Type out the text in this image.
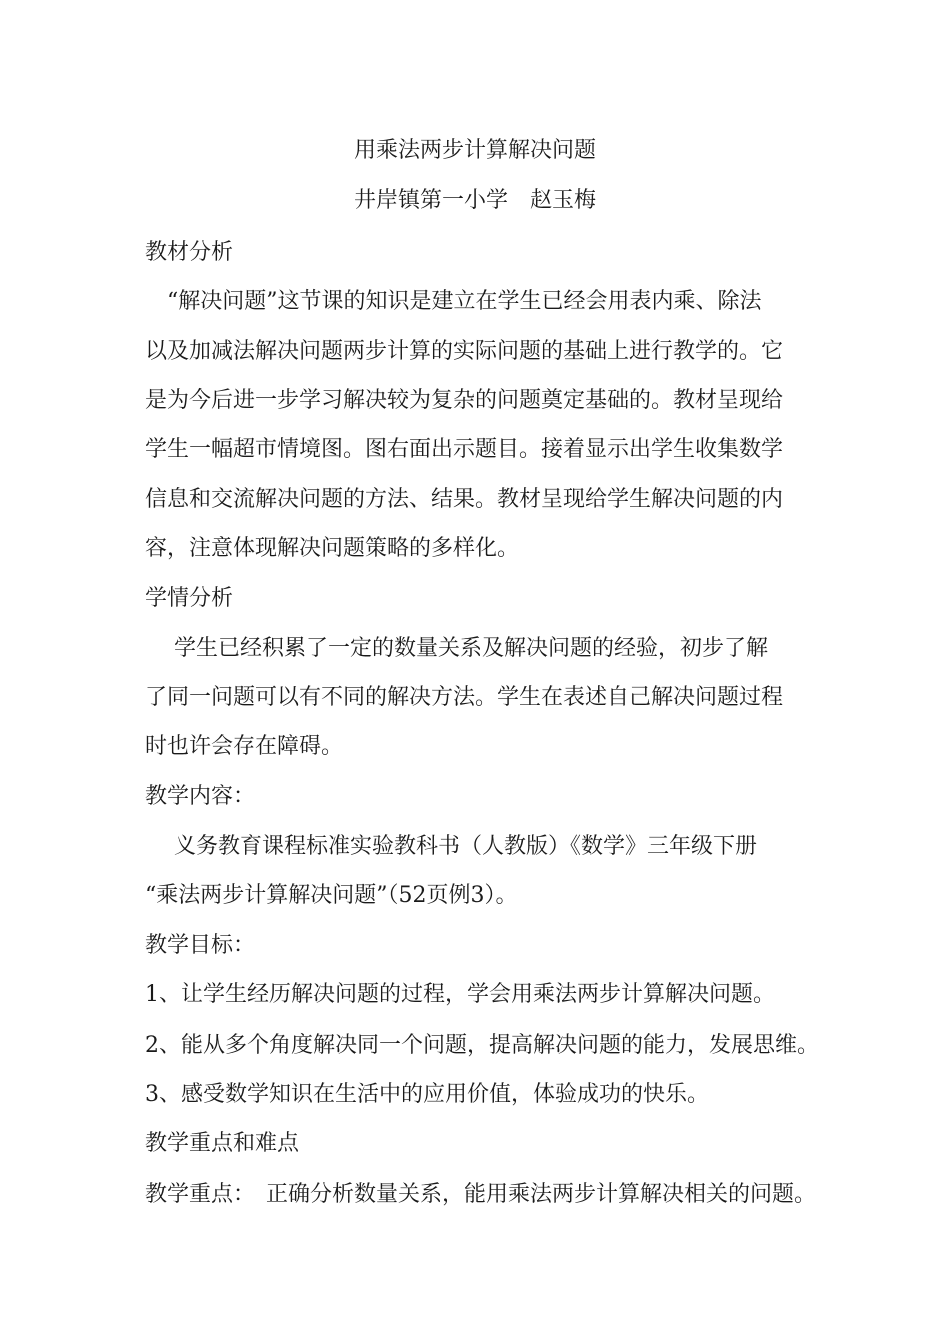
用乘法两步计算解决问题
井岸镇第一小学　赵玉梅
教材分析
　“解决问题”这节课的知识是建立在学生已经会用表内乘、除法
以及加减法解决问题两步计算的实际问题的基础上进行教学的。它
是为今后进一步学习解决较为复杂的问题奠定基础的。教材呈现给
学生一幅超市情境图。图右面出示题目。接着显示出学生收集数学
信息和交流解决问题的方法、结果。教材呈现给学生解决问题的内
容，注意体现解决问题策略的多样化。
学情分析
　 学生已经积累了一定的数量关系及解决问题的经验，初步了解
了同一问题可以有不同的解决方法。学生在表述自己解决问题过程
时也许会存在障碍。
教学内容：
　 义务教育课程标准实验教科书（人教版）《数学》三年级下册
“乘法两步计算解决问题”（52页例3）。
教学目标：
1、让学生经历解决问题的过程，学会用乘法两步计算解决问题。
2、能从多个角度解决同一个问题，提高解决问题的能力，发展思维。
3、感受数学知识在生活中的应用价值，体验成功的快乐。
教学重点和难点
教学重点：　正确分析数量关系，能用乘法两步计算解决相关的问题。
